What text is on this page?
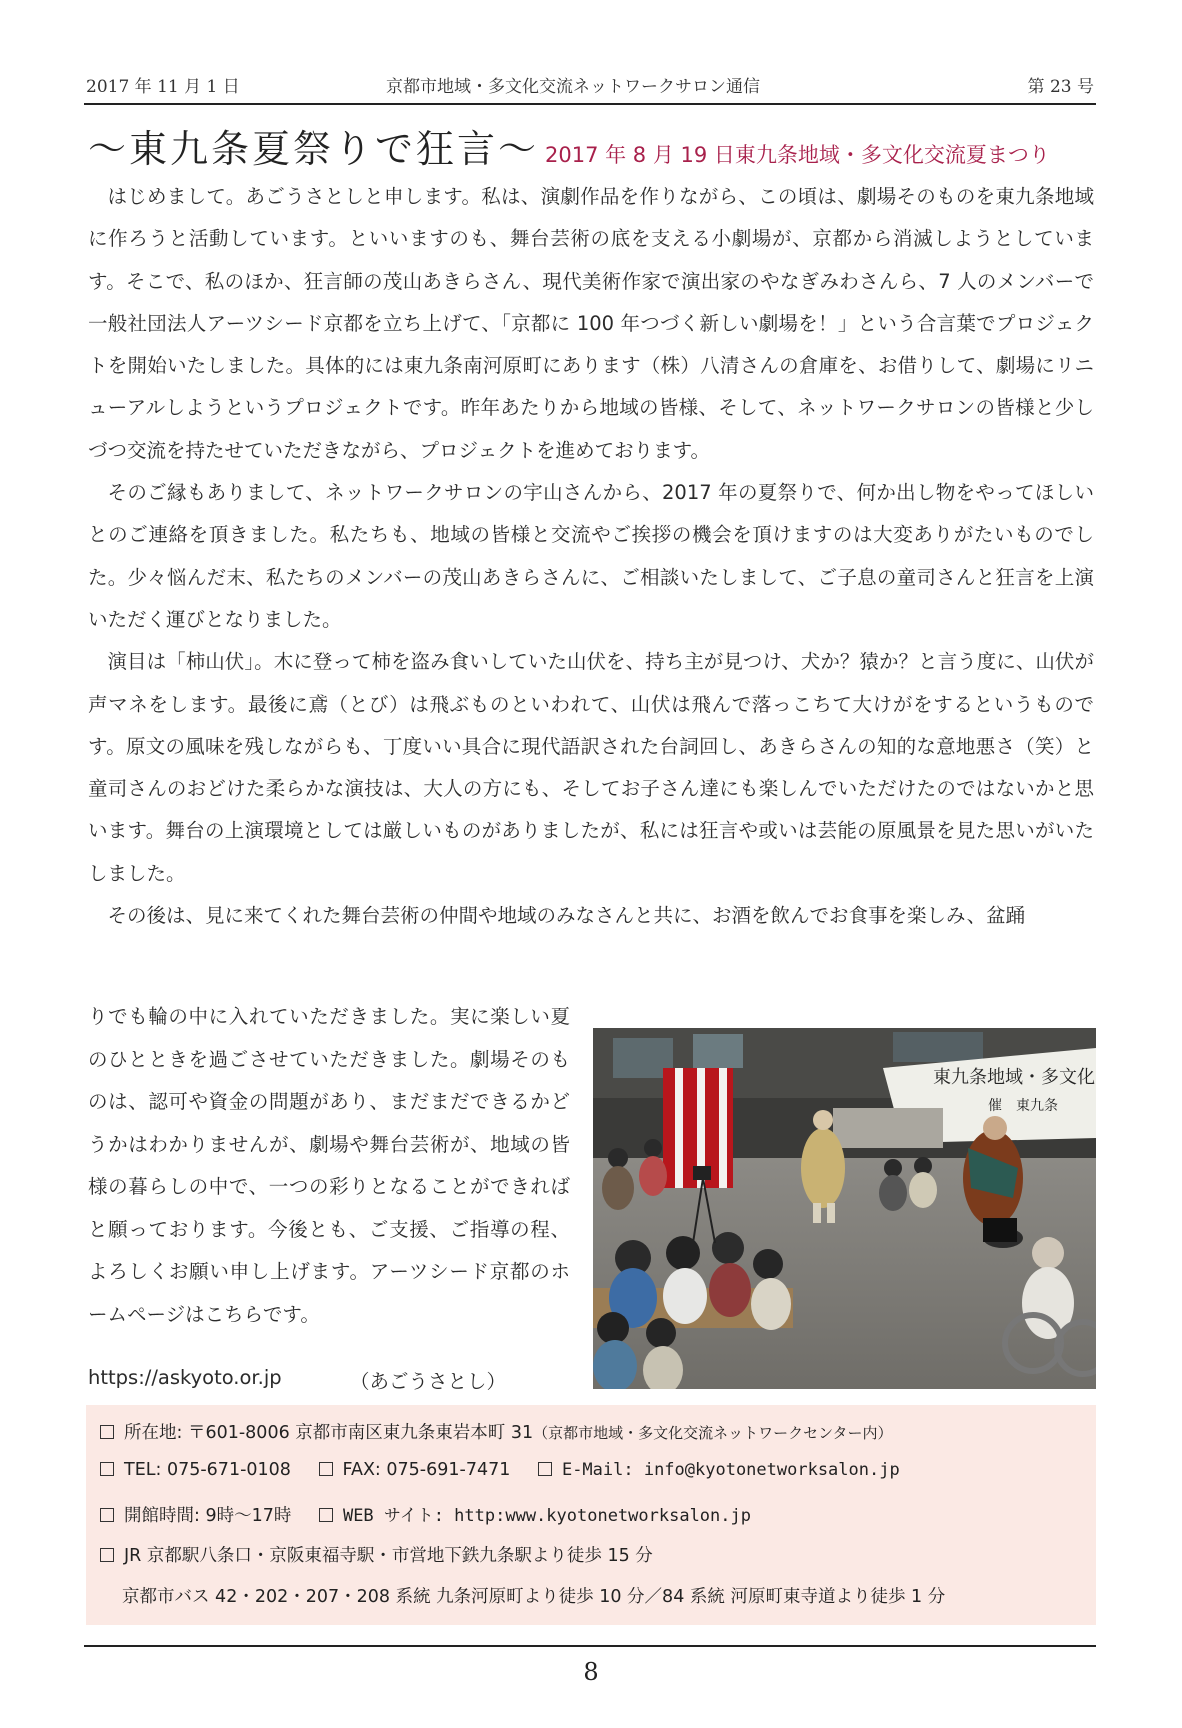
2017 年 11 月 1 日	京都市地域・多文化交流ネットワークサロン通信	第 23 号
～東九条夏祭りで狂言～ 2017 年 8 月 19 日東九条地域・多文化交流夏まつり

はじめまして。あごうさとしと申します。私は、演劇作品を作りながら、この頃は、劇場そのものを東九条地域に作ろうと活動しています。といいますのも、舞台芸術の底を支える小劇場が、京都から消滅しようとしています。そこで、私のほか、狂言師の茂山あきらさん、現代美術作家で演出家のやなぎみわさんら、7 人のメンバーで一般社団法人アーツシード京都を立ち上げて、「京都に 100 年つづく新しい劇場を！」という合言葉でプロジェクトを開始いたしました。具体的には東九条南河原町にあります（株）八清さんの倉庫を、お借りして、劇場にリニューアルしようというプロジェクトです。昨年あたりから地域の皆様、そして、ネットワークサロンの皆様と少しづつ交流を持たせていただきながら、プロジェクトを進めております。

そのご縁もありまして、ネットワークサロンの宇山さんから、2017 年の夏祭りで、何か出し物をやってほしいとのご連絡を頂きました。私たちも、地域の皆様と交流やご挨拶の機会を頂けますのは大変ありがたいものでした。少々悩んだ末、私たちのメンバーの茂山あきらさんに、ご相談いたしまして、ご子息の童司さんと狂言を上演いただく運びとなりました。

演目は「柿山伏」。木に登って柿を盗み食いしていた山伏を、持ち主が見つけ、犬か？猿か？と言う度に、山伏が声マネをします。最後に鳶（とび）は飛ぶものといわれて、山伏は飛んで落っこちて大けがをするというものです。原文の風味を残しながらも、丁度いい具合に現代語訳された台詞回し、あきらさんの知的な意地悪さ（笑）と童司さんのおどけた柔らかな演技は、大人の方にも、そしてお子さん達にも楽しんでいただけたのではないかと思います。舞台の上演環境としては厳しいものがありましたが、私には狂言や或いは芸能の原風景を見た思いがいたしました。

その後は、見に来てくれた舞台芸術の仲間や地域のみなさんと共に、お酒を飲んでお食事を楽しみ、盆踊

りでも輪の中に入れていただきました。実に楽しい夏のひとときを過ごさせていただきました。劇場そのものは、認可や資金の問題があり、まだまだできるかどうかはわかりませんが、劇場や舞台芸術が、地域の皆様の暮らしの中で、一つの彩りとなることができればと願っております。今後とも、ご支援、ご指導の程、よろしくお願い申し上げます。アーツシード京都のホームページはこちらです。

https://askyoto.or.jp	（あごうさとし）
東九条地域・多文化
催　東九条
所在地: 〒601-8006 京都市南区東九条東岩本町 31（京都市地域・多文化交流ネットワークセンター内）
TEL: 075-671-0108	FAX: 075-691-7471	E-Mail: info@kyotonetworksalon.jp
開館時間: 9時～17時	WEB サイト: http:www.kyotonetworksalon.jp
JR 京都駅八条口・京阪東福寺駅・市営地下鉄九条駅より徒歩 15 分
京都市バス 42・202・207・208 系統 九条河原町より徒歩 10 分／84 系統 河原町東寺道より徒歩 1 分
8
